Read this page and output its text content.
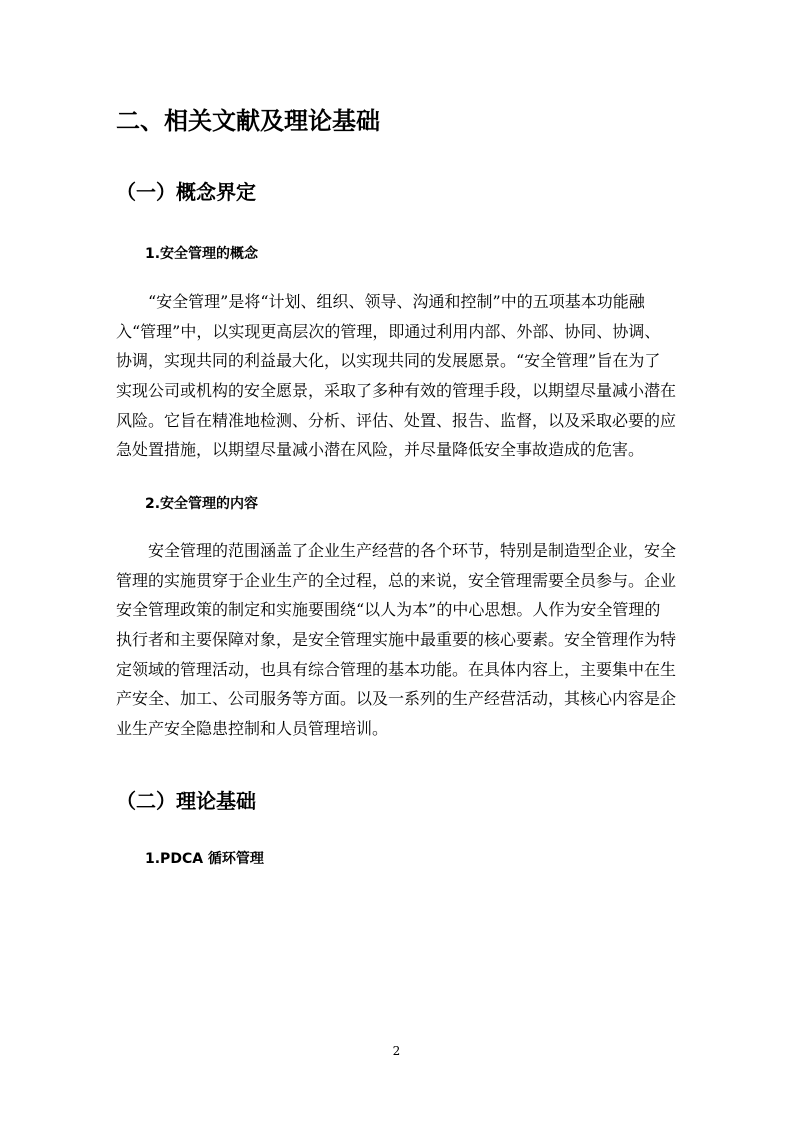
二、相关文献及理论基础
（一）概念界定
1.安全管理的概念
“安全管理”是将“计划、组织、领导、沟通和控制”中的五项基本功能融
入“管理”中，以实现更高层次的管理，即通过利用内部、外部、协同、协调、
协调，实现共同的利益最大化，以实现共同的发展愿景。“安全管理”旨在为了
实现公司或机构的安全愿景，采取了多种有效的管理手段，以期望尽量减小潜在
风险。它旨在精准地检测、分析、评估、处置、报告、监督，以及采取必要的应
急处置措施，以期望尽量减小潜在风险，并尽量降低安全事故造成的危害。
2.安全管理的内容
安全管理的范围涵盖了企业生产经营的各个环节，特别是制造型企业，安全
管理的实施贯穿于企业生产的全过程，总的来说，安全管理需要全员参与。企业
安全管理政策的制定和实施要围绕“以人为本”的中心思想。人作为安全管理的
执行者和主要保障对象，是安全管理实施中最重要的核心要素。安全管理作为特
定领域的管理活动，也具有综合管理的基本功能。在具体内容上，主要集中在生
产安全、加工、公司服务等方面。以及一系列的生产经营活动，其核心内容是企
业生产安全隐患控制和人员管理培训。
（二）理论基础
1.PDCA 循环管理
2
